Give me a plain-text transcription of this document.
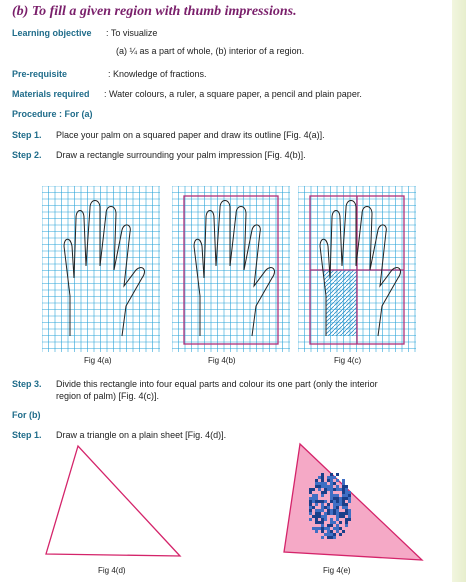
(b) To fill a given region with thumb impressions.
Learning objective : To visualize
(a) ¼ as a part of whole, (b) interior of a region.
Pre-requisite	: Knowledge of fractions.
Materials required : Water colours, a ruler, a square paper, a pencil and plain paper.
Procedure : For (a)
Step 1. Place your palm on a squared paper and draw its outline [Fig. 4(a)].
Step 2. Draw a rectangle surrounding your palm impression [Fig. 4(b)].
Fig 4(a)	Fig 4(b)	Fig 4(c)
Step 3. Divide this rectangle into four equal parts and colour its one part (only the interior
region of palm) [Fig. 4(c)].
For (b)
Step 1. Draw a triangle on a plain sheet [Fig. 4(d)].
Fig 4(d)	Fig 4(e)
